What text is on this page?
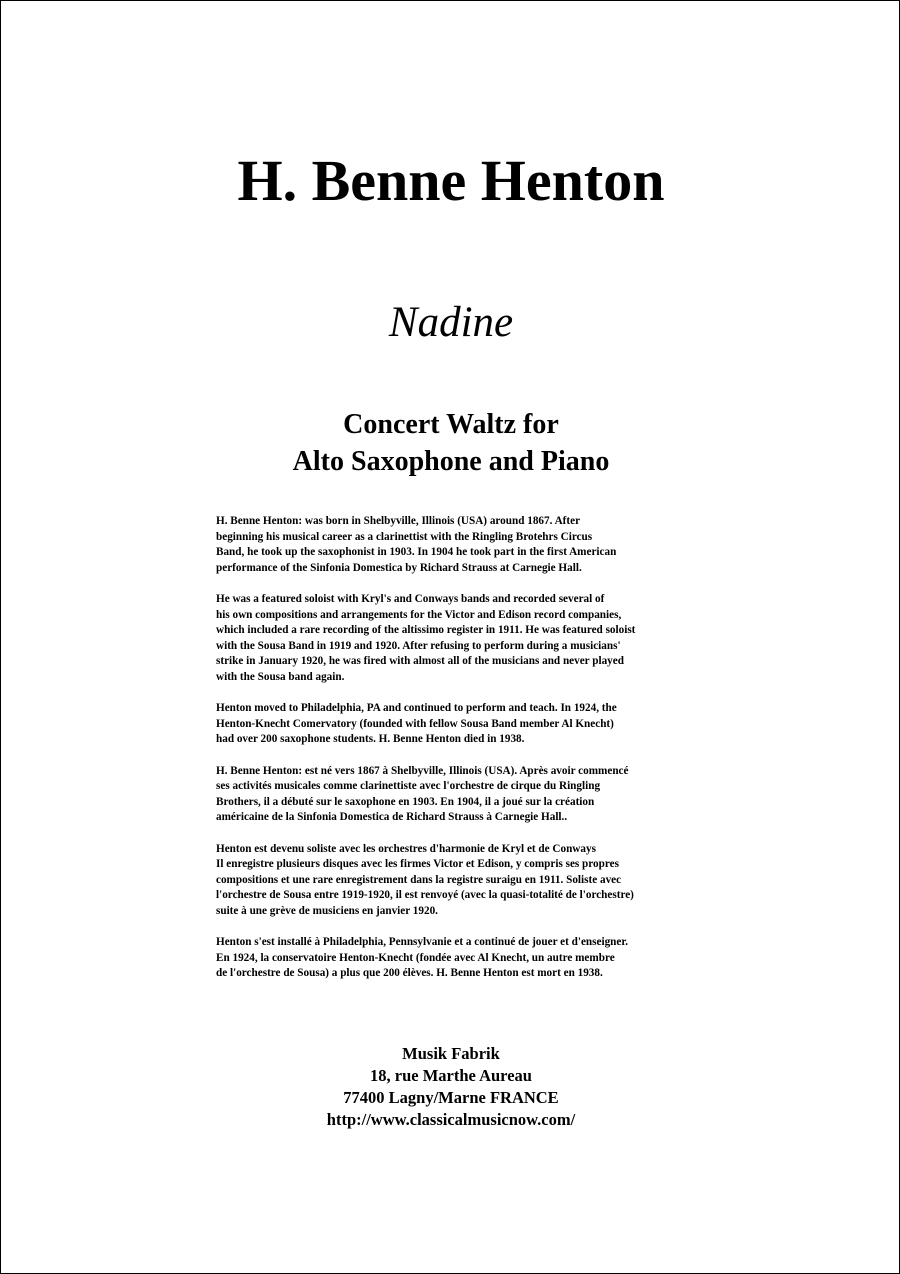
H. Benne Henton
Nadine
Concert Waltz for
Alto Saxophone and Piano

H. Benne Henton: was born in Shelbyville, Illinois (USA) around 1867. After
beginning his musical career as a clarinettist with the Ringling Brotehrs Circus
Band, he took up the saxophonist in 1903. In 1904 he took part in the first American
performance of the Sinfonia Domestica by Richard Strauss at Carnegie Hall.

He was a featured soloist with Kryl's and Conways bands and recorded several of
his own compositions and arrangements for the Victor and Edison record companies,
which included a rare recording of the altissimo register in 1911. He was featured soloist
with the Sousa Band in 1919 and 1920. After refusing to perform during a musicians'
strike in January 1920, he was fired with almost all of the musicians and never played
with the Sousa band again.

Henton moved to Philadelphia, PA and continued to perform and teach. In 1924, the
Henton-Knecht Comervatory (founded with fellow Sousa Band member Al Knecht)
had over 200 saxophone students. H. Benne Henton died in 1938.

H. Benne Henton: est né vers 1867 à Shelbyville, Illinois (USA). Après avoir commencé
ses activités musicales comme clarinettiste avec l'orchestre de cirque du Ringling
Brothers, il a débuté sur le saxophone en 1903. En 1904, il a joué sur la création
américaine de la Sinfonia Domestica de Richard Strauss à Carnegie Hall..

Henton est devenu soliste avec les orchestres d'harmonie de Kryl et de Conways
Il enregistre plusieurs disques avec les firmes Victor et Edison, y compris ses propres
compositions et une rare enregistrement dans la registre suraigu en 1911. Soliste avec
l'orchestre de Sousa entre 1919-1920, il est renvoyé (avec la quasi-totalité de l'orchestre)
suite à une grève de musiciens en janvier 1920.

Henton s'est installé à Philadelphia, Pennsylvanie et a continué de jouer et d'enseigner.
En 1924, la conservatoire Henton-Knecht (fondée avec Al Knecht, un autre membre
de l'orchestre de Sousa) a plus que 200 élèves. H. Benne Henton est mort en 1938.

Musik Fabrik
18, rue Marthe Aureau
77400 Lagny/Marne FRANCE
http://www.classicalmusicnow.com/
